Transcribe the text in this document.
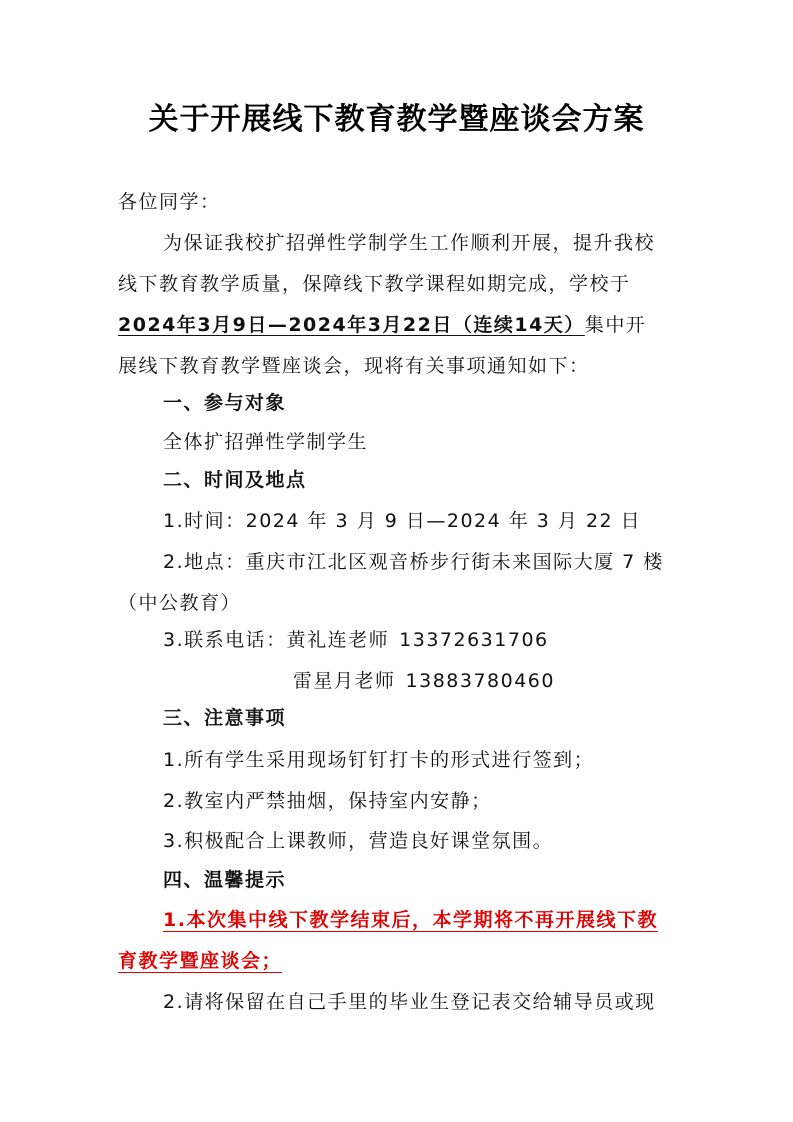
关于开展线下教育教学暨座谈会方案
各位同学：
为保证我校扩招弹性学制学生工作顺利开展，提升我校
线下教育教学质量，保障线下教学课程如期完成，学校于
2024年3月9日—2024年3月22日（连续14天）集中开
展线下教育教学暨座谈会，现将有关事项通知如下：
一、参与对象
全体扩招弹性学制学生
二、时间及地点
1.时间：2024 年 3 月 9 日—2024 年 3 月 22 日
2.地点：重庆市江北区观音桥步行街未来国际大厦 7 楼
（中公教育）
3.联系电话：黄礼连老师 13372631706
雷星月老师 13883780460
三、注意事项
1.所有学生采用现场钉钉打卡的形式进行签到；
2.教室内严禁抽烟，保持室内安静；
3.积极配合上课教师，营造良好课堂氛围。
四、温馨提示
1.本次集中线下教学结束后，本学期将不再开展线下教
育教学暨座谈会；
2.请将保留在自己手里的毕业生登记表交给辅导员或现
